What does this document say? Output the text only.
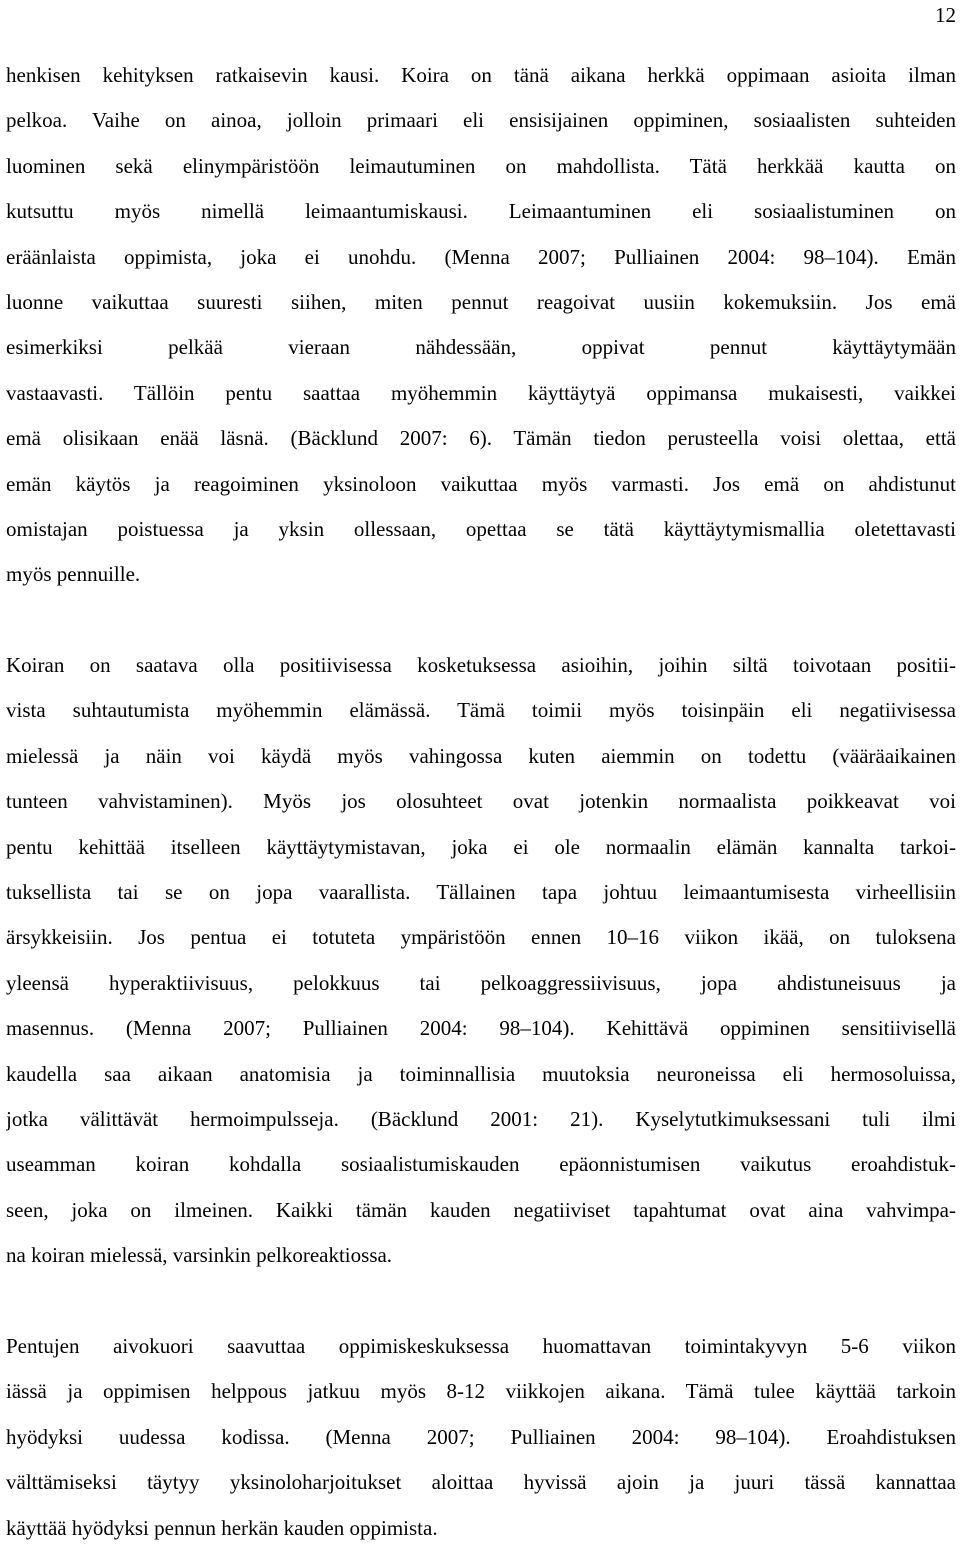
12
henkisen kehityksen ratkaisevin kausi. Koira on tänä aikana herkkä oppimaan asioita ilman
pelkoa. Vaihe on ainoa, jolloin primaari eli ensisijainen oppiminen, sosiaalisten suhteiden
luominen sekä elinympäristöön leimautuminen on mahdollista. Tätä herkkää kautta on
kutsuttu myös nimellä leimaantumiskausi. Leimaantuminen eli sosiaalistuminen on
eräänlaista oppimista, joka ei unohdu. (Menna 2007; Pulliainen 2004: 98–104). Emän
luonne vaikuttaa suuresti siihen, miten pennut reagoivat uusiin kokemuksiin. Jos emä
esimerkiksi pelkää vieraan nähdessään, oppivat pennut käyttäytymään
vastaavasti. Tällöin pentu saattaa myöhemmin käyttäytyä oppimansa mukaisesti, vaikkei
emä olisikaan enää läsnä. (Bäcklund 2007: 6). Tämän tiedon perusteella voisi olettaa, että
emän käytös ja reagoiminen yksinoloon vaikuttaa myös varmasti. Jos emä on ahdistunut
omistajan poistuessa ja yksin ollessaan, opettaa se tätä käyttäytymismallia oletettavasti
myös pennuille.
Koiran on saatava olla positiivisessa kosketuksessa asioihin, joihin siltä toivotaan positii-
vista suhtautumista myöhemmin elämässä. Tämä toimii myös toisinpäin eli negatiivisessa
mielessä ja näin voi käydä myös vahingossa kuten aiemmin on todettu (vääräaikainen
tunteen vahvistaminen). Myös jos olosuhteet ovat jotenkin normaalista poikkeavat voi
pentu kehittää itselleen käyttäytymistavan, joka ei ole normaalin elämän kannalta tarkoi-
tuksellista tai se on jopa vaarallista. Tällainen tapa johtuu leimaantumisesta virheellisiin
ärsykkeisiin. Jos pentua ei totuteta ympäristöön ennen 10–16 viikon ikää, on tuloksena
yleensä hyperaktiivisuus, pelokkuus tai pelkoaggressiivisuus, jopa ahdistuneisuus ja
masennus. (Menna 2007; Pulliainen 2004: 98–104). Kehittävä oppiminen sensitiivisellä
kaudella saa aikaan anatomisia ja toiminnallisia muutoksia neuroneissa eli hermosoluissa,
jotka välittävät hermoimpulsseja. (Bäcklund 2001: 21). Kyselytutkimuksessani tuli ilmi
useamman koiran kohdalla sosiaalistumiskauden epäonnistumisen vaikutus eroahdistuk-
seen, joka on ilmeinen. Kaikki tämän kauden negatiiviset tapahtumat ovat aina vahvimpa-
na koiran mielessä, varsinkin pelkoreaktiossa.
Pentujen aivokuori saavuttaa oppimiskeskuksessa huomattavan toimintakyvyn 5-6 viikon
iässä ja oppimisen helppous jatkuu myös 8-12 viikkojen aikana. Tämä tulee käyttää tarkoin
hyödyksi uudessa kodissa. (Menna 2007; Pulliainen 2004: 98–104). Eroahdistuksen
välttämiseksi täytyy yksinoloharjoitukset aloittaa hyvissä ajoin ja juuri tässä kannattaa
käyttää hyödyksi pennun herkän kauden oppimista.
